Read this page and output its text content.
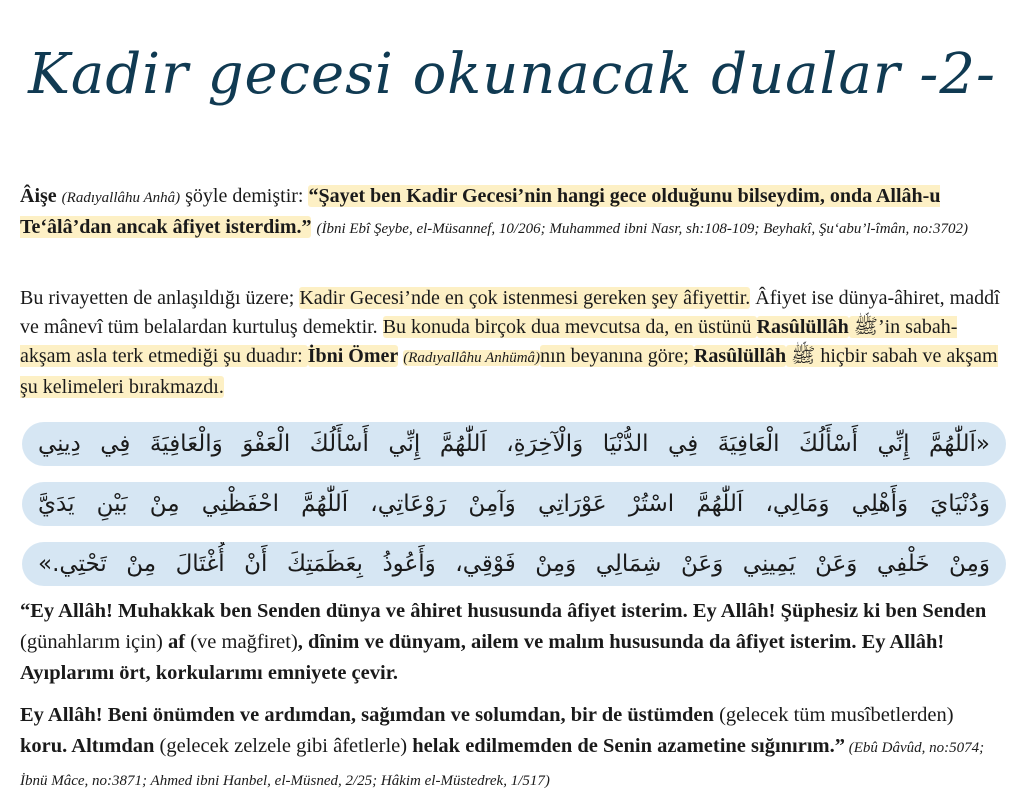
Kadir gecesi okunacak dualar -2-
Âişe (Radıyallâhu Anhâ) şöyle demiştir: “Şayet ben Kadir Gecesi’nin hangi gece olduğunu bilseydim, onda Allâh-u Te‘âlâ’dan ancak âfiyet isterdim.” (İbni Ebî Şeybe, el-Müsannef, 10/206; Muhammed ibni Nasr, sh:108-109; Beyhakî, Şu‘abu’l-îmân, no:3702)
Bu rivayetten de anlaşıldığı üzere; Kadir Gecesi’nde en çok istenmesi gereken şey âfiyettir. Âfiyet ise dünya-âhiret, maddî ve mânevî tüm belalardan kurtuluş demektir. Bu konuda birçok dua mevcutsa da, en üstünü Rasûlüllâh ﷺ’in sabah-akşam asla terk etmediği şu duadır: İbni Ömer (Radıyallâhu Anhümâ)nın beyanına göre; Rasûlüllâh ﷺ hiçbir sabah ve akşam şu kelimeleri bırakmazdı.
«اَللّٰهُمَّ إِنِّي أَسْأَلُكَ الْعَافِيَةَ فِي الدُّنْيَا وَالْآخِرَةِ، اَللّٰهُمَّ إِنِّي أَسْأَلُكَ الْعَفْوَ وَالْعَافِيَةَ فِي دِينِي
وَدُنْيَايَ وَأَهْلِي وَمَالِي، اَللّٰهُمَّ اسْتُرْ عَوْرَاتِي وَآمِنْ رَوْعَاتِي، اَللّٰهُمَّ احْفَظْنِي مِنْ بَيْنِ يَدَيَّ
وَمِنْ خَلْفِي وَعَنْ يَمِينِي وَعَنْ شِمَالِي وَمِنْ فَوْقِي، وَأَعُوذُ بِعَظَمَتِكَ أَنْ أُغْتَالَ مِنْ تَحْتِي.»
“Ey Allâh! Muhakkak ben Senden dünya ve âhiret hususunda âfiyet isterim. Ey Allâh! Şüphesiz ki ben Senden (günahlarım için) af (ve mağfiret), dînim ve dünyam, ailem ve malım hususunda da âfiyet isterim. Ey Allâh! Ayıplarımı ört, korkularımı emniyete çevir.
Ey Allâh! Beni önümden ve ardımdan, sağımdan ve solumdan, bir de üstümden (gelecek tüm musîbetlerden) koru. Altımdan (gelecek zelzele gibi âfetlerle) helak edilmemden de Senin azametine sığınırım.” (Ebû Dâvûd, no:5074; İbnü Mâce, no:3871; Ahmed ibni Hanbel, el-Müsned, 2/25; Hâkim el-Müstedrek, 1/517)
